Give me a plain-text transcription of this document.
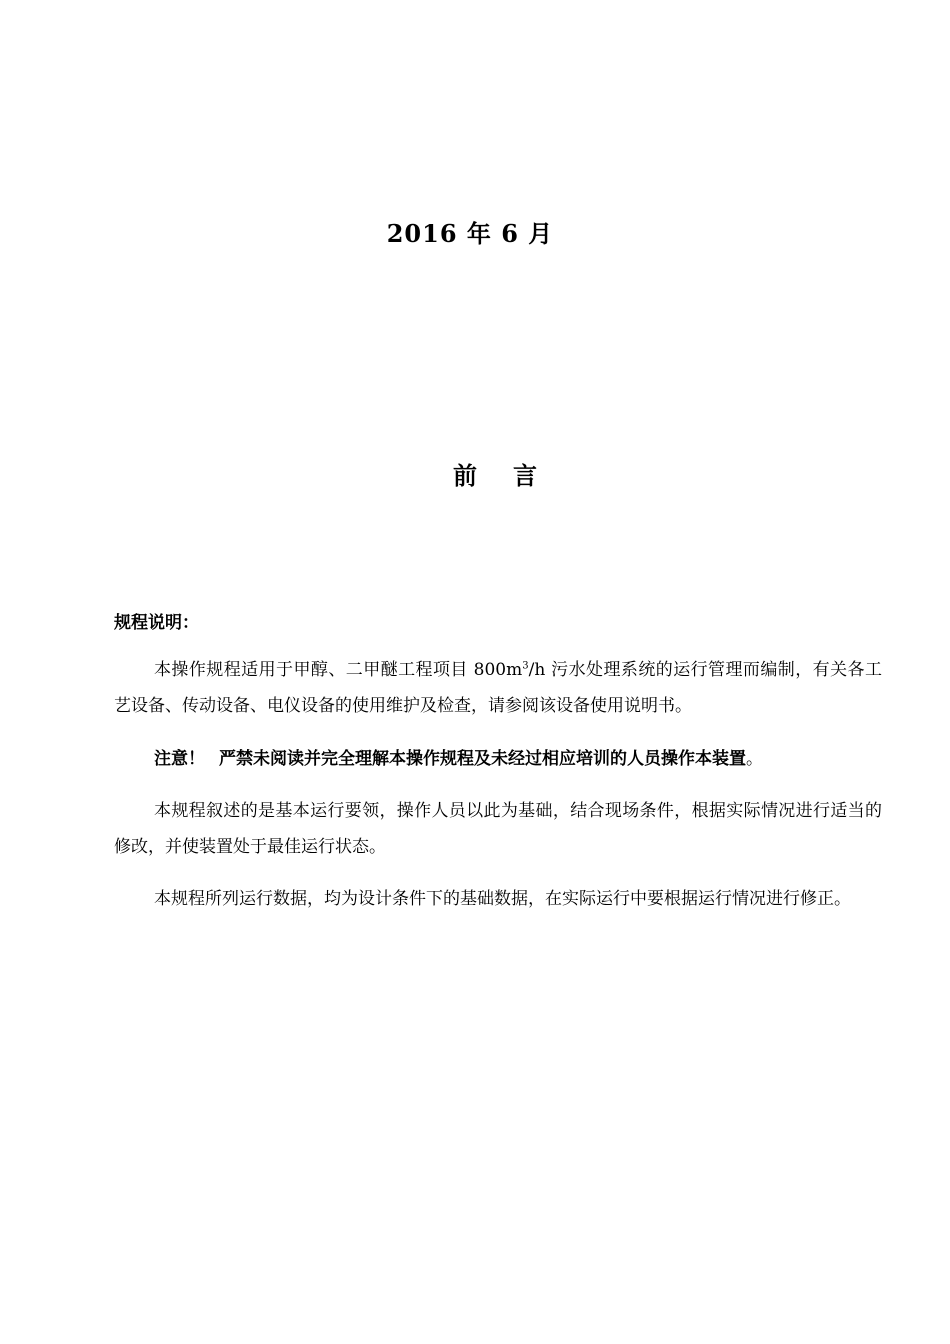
2016 年 6 月
前 言
规程说明：

本操作规程适用于甲醇、二甲醚工程项目 $800m^3/h$ 污水处理系统的运行管理而编制，有关各工艺设备、传动设备、电仪设备的使用维护及检查，请参阅该设备使用说明书。

注意！ 严禁未阅读并完全理解本操作规程及未经过相应培训的人员操作本装置。

本规程叙述的是基本运行要领，操作人员以此为基础，结合现场条件，根据实际情况进行适当的修改，并使装置处于最佳运行状态。

本规程所列运行数据，均为设计条件下的基础数据，在实际运行中要根据运行情况进行修正。
